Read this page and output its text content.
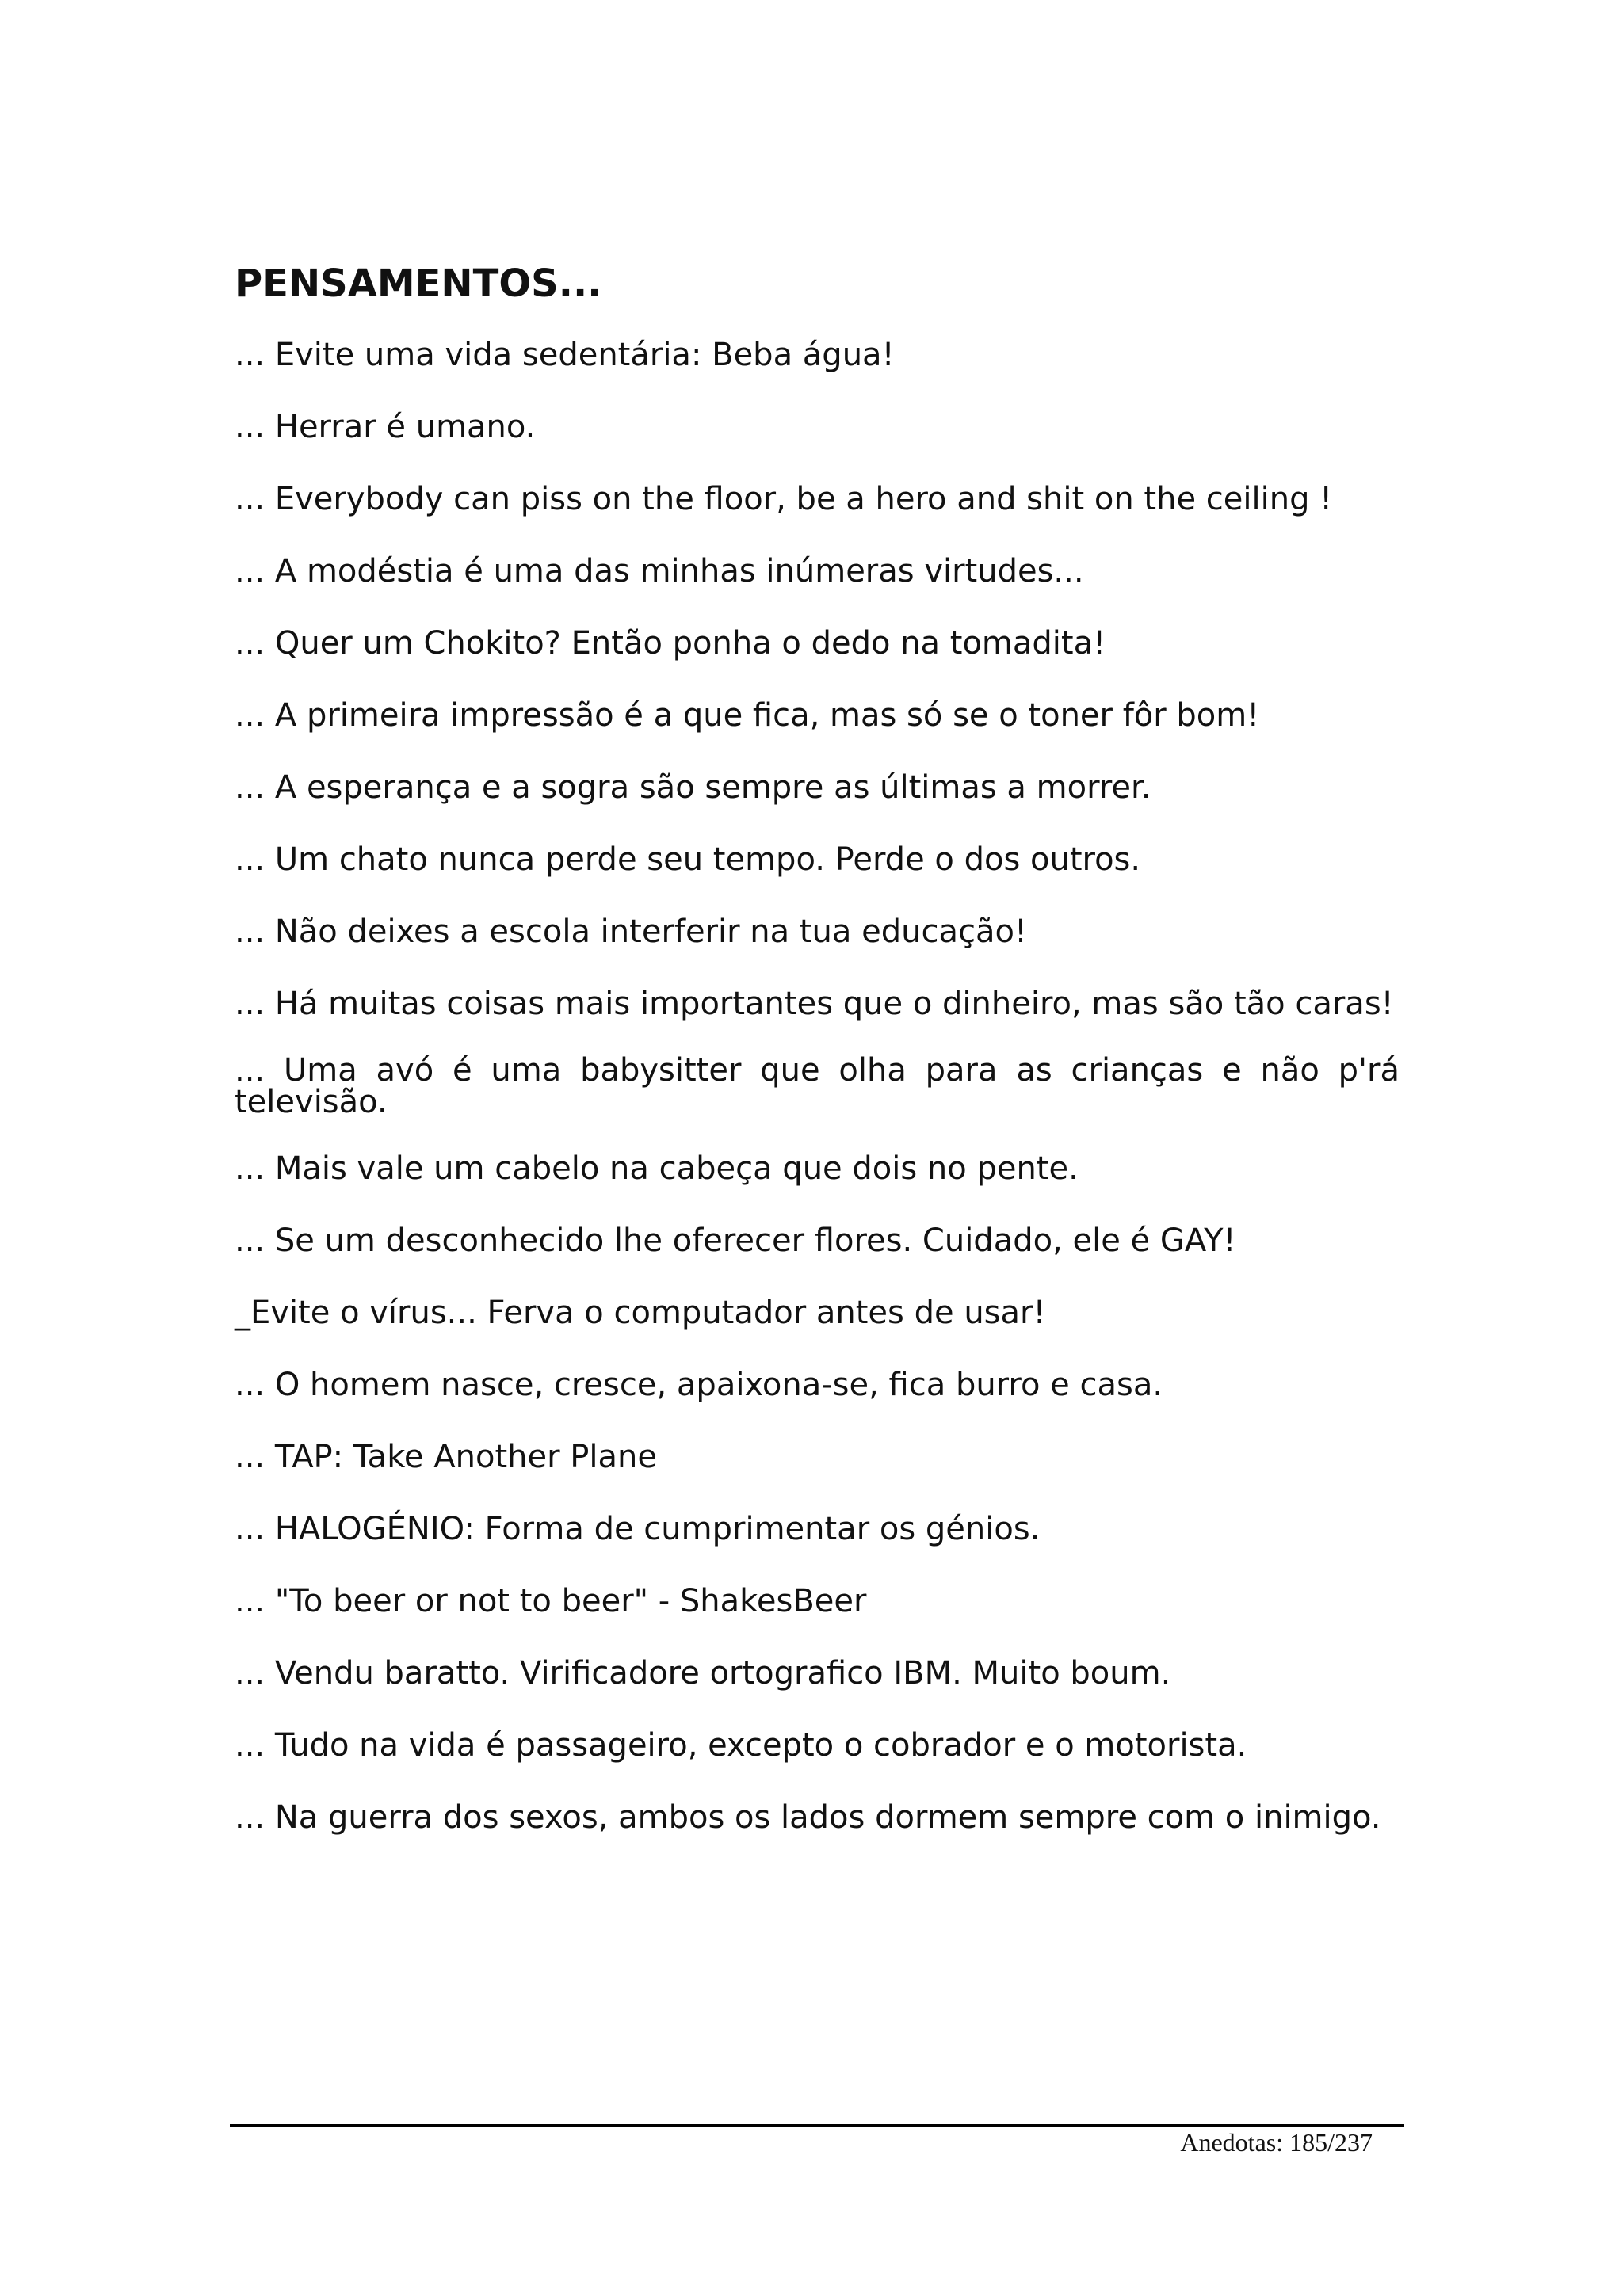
PENSAMENTOS...

... Evite uma vida sedentária: Beba água!

... Herrar é umano.

... Everybody can piss on the floor, be a hero and shit on the ceiling !

... A modéstia é uma das minhas inúmeras virtudes...

... Quer um Chokito? Então ponha o dedo na tomadita!

... A primeira impressão é a que fica, mas só se o toner fôr bom!

... A esperança e a sogra são sempre as últimas a morrer.

... Um chato nunca perde seu tempo. Perde o dos outros.

... Não deixes a escola interferir na tua educação!

... Há muitas coisas mais importantes que o dinheiro, mas são tão caras!

... Uma avó é uma babysitter que olha para as crianças e não p'rá televisão.

... Mais vale um cabelo na cabeça que dois no pente.

... Se um desconhecido lhe oferecer flores. Cuidado, ele é GAY!

_Evite o vírus... Ferva o computador antes de usar!

... O homem nasce, cresce, apaixona-se, fica burro e casa.

... TAP: Take Another Plane

... HALOGÉNIO: Forma de cumprimentar os génios.

... "To beer or not to beer" - ShakesBeer

... Vendu baratto. Virificadore ortografico IBM. Muito boum.

... Tudo na vida é passageiro, excepto o cobrador e o motorista.

... Na guerra dos sexos, ambos os lados dormem sempre com o inimigo.

Anedotas: 185/237
